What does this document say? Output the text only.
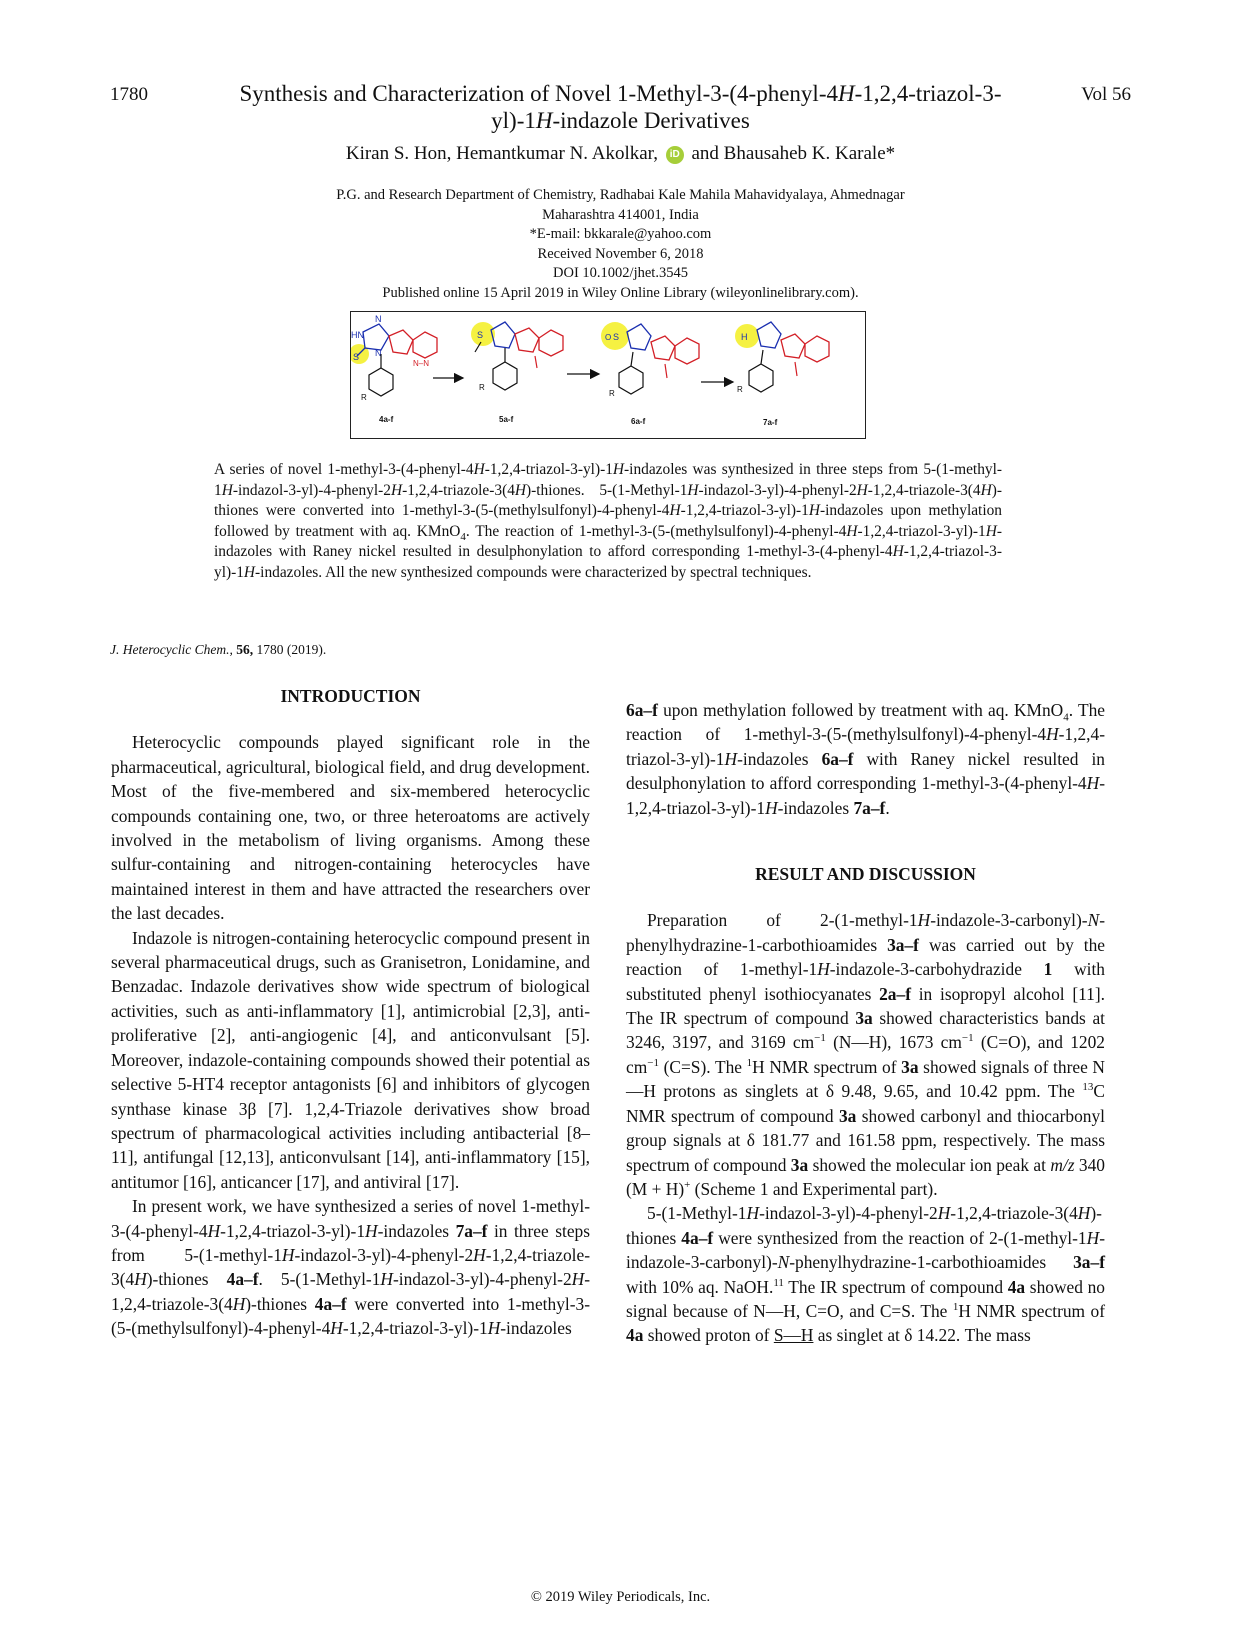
1780	Synthesis and Characterization of Novel 1-Methyl-3-(4-phenyl-4H-1,2,4-triazol-3-yl)-1H-indazole Derivatives
Vol 56
Kiran S. Hon, Hemantkumar N. Akolkar, iD and Bhausaheb K. Karale*
P.G. and Research Department of Chemistry, Radhabai Kale Mahila Mahavidyalaya, Ahmednagar
Maharashtra 414001, India
*E-mail: bkkarale@yahoo.com
Received November 6, 2018
DOI 10.1002/jhet.3545
Published online 15 April 2019 in Wiley Online Library (wileyonlinelibrary.com).
HN
N
S N
N–N
R
4a-f
S
R
5a-f
O S
R
6a-f
H
R
7a-f
A series of novel 1-methyl-3-(4-phenyl-4H-1,2,4-triazol-3-yl)-1H-indazoles was synthesized in three steps from 5-(1-methyl-1H-indazol-3-yl)-4-phenyl-2H-1,2,4-triazole-3(4H)-thiones. 5-(1-Methyl-1H-indazol-3-yl)-4-phenyl-2H-1,2,4-triazole-3(4H)-thiones were converted into 1-methyl-3-(5-(methylsulfonyl)-4-phenyl-4H-1,2,4-triazol-3-yl)-1H-indazoles upon methylation followed by treatment with aq. KMnO$_4$. The reaction of 1-methyl-3-(5-(methylsulfonyl)-4-phenyl-4H-1,2,4-triazol-3-yl)-1H-indazoles with Raney nickel resulted in desulphonylation to afford corresponding 1-methyl-3-(4-phenyl-4H-1,2,4-triazol-3-yl)-1H-indazoles. All the new synthesized compounds were characterized by spectral techniques.
J. Heterocyclic Chem., 56, 1780 (2019).
INTRODUCTION

Heterocyclic compounds played significant role in the pharmaceutical, agricultural, biological field, and drug development. Most of the five-membered and six-membered heterocyclic compounds containing one, two, or three heteroatoms are actively involved in the metabolism of living organisms. Among these sulfur-containing and nitrogen-containing heterocycles have maintained interest in them and have attracted the researchers over the last decades.

Indazole is nitrogen-containing heterocyclic compound present in several pharmaceutical drugs, such as Granisetron, Lonidamine, and Benzadac. Indazole derivatives show wide spectrum of biological activities, such as anti-inflammatory [1], antimicrobial [2,3], anti-proliferative [2], anti-angiogenic [4], and anticonvulsant [5]. Moreover, indazole-containing compounds showed their potential as selective 5-HT4 receptor antagonists [6] and inhibitors of glycogen synthase kinase 3β [7]. 1,2,4-Triazole derivatives show broad spectrum of pharmacological activities including antibacterial [8–11], antifungal [12,13], anticonvulsant [14], anti-inflammatory [15], antitumor [16], anticancer [17], and antiviral [17].

In present work, we have synthesized a series of novel 1-methyl-3-(4-phenyl-4H-1,2,4-triazol-3-yl)-1H-indazoles 7a–f in three steps from 5-(1-methyl-1H-indazol-3-yl)-4-phenyl-2H-1,2,4-triazole-3(4H)-thiones 4a–f. 5-(1-Methyl-1H-indazol-3-yl)-4-phenyl-2H-1,2,4-triazole-3(4H)-thiones 4a–f were converted into 1-methyl-3-(5-(methylsulfonyl)-4-phenyl-4H-1,2,4-triazol-3-yl)-1H-indazoles

6a–f upon methylation followed by treatment with aq. KMnO$_4$. The reaction of 1-methyl-3-(5-(methylsulfonyl)-4-phenyl-4H-1,2,4-triazol-3-yl)-1H-indazoles 6a–f with Raney nickel resulted in desulphonylation to afford corresponding 1-methyl-3-(4-phenyl-4H-1,2,4-triazol-3-yl)-1H-indazoles 7a–f.

RESULT AND DISCUSSION

Preparation of 2-(1-methyl-1H-indazole-3-carbonyl)-N-phenylhydrazine-1-carbothioamides 3a–f was carried out by the reaction of 1-methyl-1H-indazole-3-carbohydrazide 1 with substituted phenyl isothiocyanates 2a–f in isopropyl alcohol [11]. The IR spectrum of compound 3a showed characteristics bands at 3246, 3197, and 3169 $cm^{-1}$ (N—H), 1673 $cm^{-1}$ (C=O), and 1202 $cm^{-1}$ (C=S). The $^1$H NMR spectrum of 3a showed signals of three N—H protons as singlets at δ 9.48, 9.65, and 10.42 ppm. The $^{13}$C NMR spectrum of compound 3a showed carbonyl and thiocarbonyl group signals at δ 181.77 and 161.58 ppm, respectively. The mass spectrum of compound 3a showed the molecular ion peak at m/z 340 (M + H)+ (Scheme 1 and Experimental part).

5-(1-Methyl-1H-indazol-3-yl)-4-phenyl-2H-1,2,4-triazole-3(4H)-thiones 4a–f were synthesized from the reaction of 2-(1-methyl-1H-indazole-3-carbonyl)-N-phenylhydrazine-1-carbothioamides 3a–f with 10% aq. NaOH.$^{11}$ The IR spectrum of compound 4a showed no signal because of N—H, C=O, and C=S. The $^1$H NMR spectrum of 4a showed proton of S—H as singlet at δ 14.22. The mass

© 2019 Wiley Periodicals, Inc.
